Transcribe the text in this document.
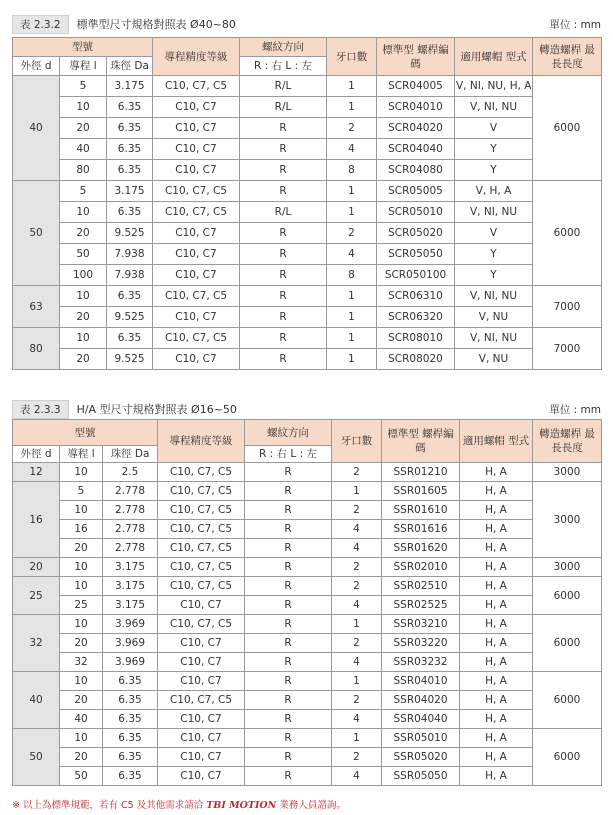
表 2.3.2	標準型尺寸規格對照表 Ø40~80	單位 : mm
型號			導程精度等級	螺紋方向	牙口數	標準型 螺桿編碼	適用螺帽 型式	轉造螺桿 最長長度
外徑 d	導程 l	珠徑 Da		R : 右 L : 左				
40	5	3.175	C10, C7, C5	R/L	1	SCR04005	V, NI, NU, H, A	6000
	10	6.35	C10, C7	R/L	1	SCR04010	V, NI, NU	
	20	6.35	C10, C7	R	2	SCR04020	V	
	40	6.35	C10, C7	R	4	SCR04040	Y	
	80	6.35	C10, C7	R	8	SCR04080	Y	
50	5	3.175	C10, C7, C5	R	1	SCR05005	V, H, A	6000
	10	6.35	C10, C7, C5	R/L	1	SCR05010	V, NI, NU	
	20	9.525	C10, C7	R	2	SCR05020	V	
	50	7.938	C10, C7	R	4	SCR05050	Y	
	100	7.938	C10, C7	R	8	SCR050100	Y	
63	10	6.35	C10, C7, C5	R	1	SCR06310	V, NI, NU	7000
	20	9.525	C10, C7	R	1	SCR06320	V, NU	
80	10	6.35	C10, C7, C5	R	1	SCR08010	V, NI, NU	7000
	20	9.525	C10, C7	R	1	SCR08020	V, NU	
表 2.3.3	H/A 型尺寸規格對照表 Ø16~50	單位 : mm
型號			導程精度等級	螺紋方向	牙口數	標準型 螺桿編碼	適用螺帽 型式	轉造螺桿 最長長度
外徑 d	導程 l	珠徑 Da		R : 右 L : 左				
12	10	2.5	C10, C7, C5	R	2	SSR01210	H, A	3000
16	5	2.778	C10, C7, C5	R	1	SSR01605	H, A	3000
	10	2.778	C10, C7, C5	R	2	SSR01610	H, A	
	16	2.778	C10, C7, C5	R	4	SSR01616	H, A	
	20	2.778	C10, C7, C5	R	4	SSR01620	H, A	
20	10	3.175	C10, C7, C5	R	2	SSR02010	H, A	3000
25	10	3.175	C10, C7, C5	R	2	SSR02510	H, A	6000
	25	3.175	C10, C7	R	4	SSR02525	H, A	
32	10	3.969	C10, C7, C5	R	1	SSR03210	H, A	6000
	20	3.969	C10, C7	R	2	SSR03220	H, A	
	32	3.969	C10, C7	R	4	SSR03232	H, A	
40	10	6.35	C10, C7	R	1	SSR04010	H, A	6000
	20	6.35	C10, C7, C5	R	2	SSR04020	H, A	
	40	6.35	C10, C7	R	4	SSR04040	H, A	
50	10	6.35	C10, C7	R	1	SSR05010	H, A	6000
	20	6.35	C10, C7	R	2	SSR05020	H, A	
	50	6.35	C10, C7	R	4	SSR05050	H, A	
※ 以上為標準規範，若有 C5 及其他需求請洽 TBI MOTION 業務人員諮詢。
